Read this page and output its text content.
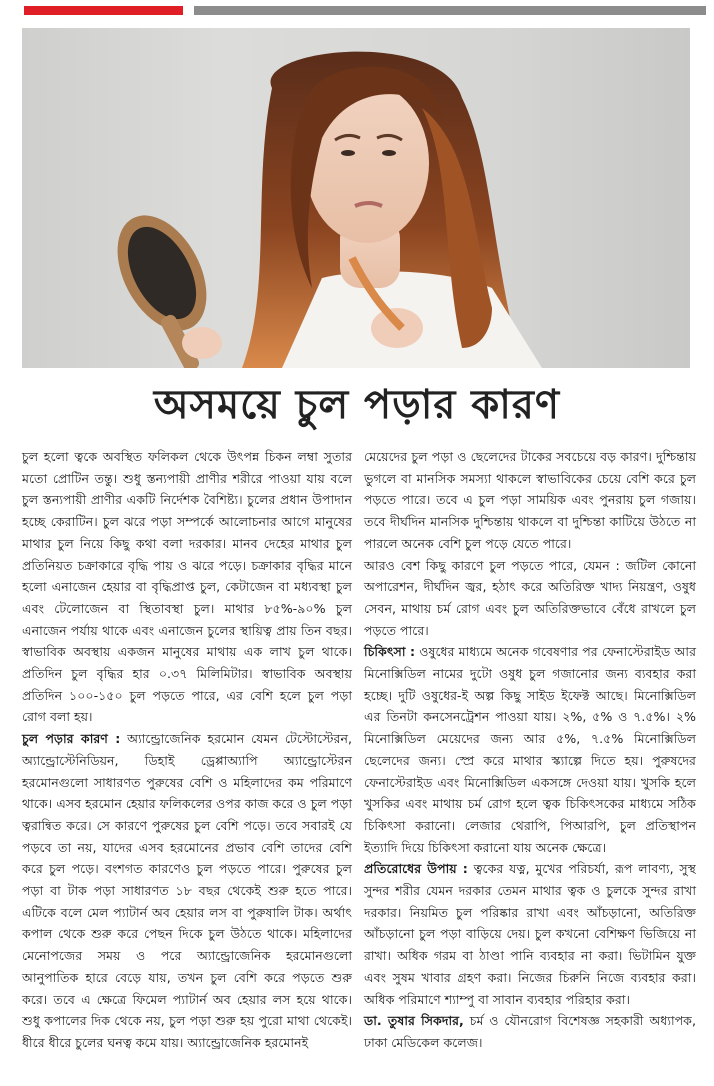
অসময়ে চুল পড়ার কারণ

চুল হলো ত্বকে অবস্থিত ফলিকল থেকে উৎপন্ন চিকন লম্বা সুতার মতো প্রোটিন তন্তু। শুধু স্তন্যপায়ী প্রাণীর শরীরে পাওয়া যায় বলে চুল স্তন্যপায়ী প্রাণীর একটি নির্দেশক বৈশিষ্ট্য। চুলের প্রধান উপাদান হচ্ছে কেরাটিন। চুল ঝরে পড়া সম্পর্কে আলোচনার আগে মানুষের মাথার চুল নিয়ে কিছু কথা বলা দরকার। মানব দেহের মাথার চুল প্রতিনিয়ত চক্রাকারে বৃদ্ধি পায় ও ঝরে পড়ে। চক্রাকার বৃদ্ধির মানে হলো এনাজেন হেয়ার বা বৃদ্ধিপ্রাপ্ত চুল, কেটাজেন বা মধ্যবস্থা চুল এবং টেলোজেন বা স্থিতাবস্থা চুল। মাথার ৮৫%-৯০% চুল এনাজেন পর্যায় থাকে এবং এনাজেন চুলের স্থায়িত্ব প্রায় তিন বছর। স্বাভাবিক অবস্থায় একজন মানুষের মাথায় এক লাখ চুল থাকে। প্রতিদিন চুল বৃদ্ধির হার ০.৩৭ মিলিমিটার। স্বাভাবিক অবস্থায় প্রতিদিন ১০০-১৫০ চুল পড়তে পারে, এর বেশি হলে চুল পড়া রোগ বলা হয়।

চুল পড়ার কারণ : অ্যান্ড্রোজেনিক হরমোন যেমন টেস্টোস্টেরন, অ্যান্ড্রোস্টেনিডিয়ন, ডিহাই ড্রেপ্পাঅ্যাপি অ্যান্ড্রোস্টেরন হরমোনগুলো সাধারণত পুরুষের বেশি ও মহিলাদের কম পরিমাণে থাকে। এসব হরমোন হেয়ার ফলিকলের ওপর কাজ করে ও চুল পড়া ত্বরান্বিত করে। সে কারণে পুরুষের চুল বেশি পড়ে। তবে সবারই যে পড়বে তা নয়, যাদের এসব হরমোনের প্রভাব বেশি তাদের বেশি করে চুল পড়ে। বংশগত কারণেও চুল পড়তে পারে। পুরুষের চুল পড়া বা টাক পড়া সাধারণত ১৮ বছর থেকেই শুরু হতে পারে। এটিকে বলে মেল প্যাটার্ন অব হেয়ার লস বা পুরুষালি টাক। অর্থাৎ কপাল থেকে শুরু করে পেছন দিকে চুল উঠতে থাকে। মহিলাদের মেনোপজের সময় ও পরে অ্যান্ড্রোজেনিক হরমোনগুলো আনুপাতিক হারে বেড়ে যায়, তখন চুল বেশি করে পড়তে শুরু করে। তবে এ ক্ষেত্রে ফিমেল প্যাটার্ন অব হেয়ার লস হয়ে থাকে। শুধু কপালের দিক থেকে নয়, চুল পড়া শুরু হয় পুরো মাথা থেকেই। ধীরে ধীরে চুলের ঘনত্ব কমে যায়। অ্যান্ড্রোজেনিক হরমোনই

মেয়েদের চুল পড়া ও ছেলেদের টাকের সবচেয়ে বড় কারণ। দুশ্চিন্তায় ভুগলে বা মানসিক সমস্যা থাকলে স্বাভাবিকের চেয়ে বেশি করে চুল পড়তে পারে। তবে এ চুল পড়া সাময়িক এবং পুনরায় চুল গজায়। তবে দীর্ঘদিন মানসিক দুশ্চিন্তায় থাকলে বা দুশ্চিন্তা কাটিয়ে উঠতে না পারলে অনেক বেশি চুল পড়ে যেতে পারে।

আরও বেশ কিছু কারণে চুল পড়তে পারে, যেমন : জটিল কোনো অপারেশন, দীর্ঘদিন জ্বর, হঠাৎ করে অতিরিক্ত খাদ্য নিয়ন্ত্রণ, ওষুধ সেবন, মাথায় চর্ম রোগ এবং চুল অতিরিক্তভাবে বেঁধে রাখলে চুল পড়তে পারে।

চিকিৎসা : ওষুধের মাধ্যমে অনেক গবেষণার পর ফেনাস্টেরাইড আর মিনোক্সিডিল নামের দুটো ওষুধ চুল গজানোর জন্য ব্যবহার করা হচ্ছে। দুটি ওষুধের-ই অল্প কিছু সাইড ইফেক্ট আছে। মিনোক্সিডিল এর তিনটা কনসেনট্রেশন পাওয়া যায়। ২%, ৫% ও ৭.৫%। ২% মিনোক্সিডিল মেয়েদের জন্য আর ৫%, ৭.৫% মিনোক্সিডিল ছেলেদের জন্য। স্প্রে করে মাথার স্ক্যাল্পে দিতে হয়। পুরুষদের ফেনাস্টেরাইড এবং মিনোক্সিডিল একসঙ্গে দেওয়া যায়। খুসকি হলে খুসকির এবং মাথায় চর্ম রোগ হলে ত্বক চিকিৎসকের মাধ্যমে সঠিক চিকিৎসা করানো। লেজার থেরাপি, পিআরপি, চুল প্রতিস্থাপন ইত্যাদি দিয়ে চিকিৎসা করানো যায় অনেক ক্ষেত্রে।

প্রতিরোধের উপায় : ত্বকের যত্ন, মুখের পরিচর্যা, রূপ লাবণ্য, সুস্থ সুন্দর শরীর যেমন দরকার তেমন মাথার ত্বক ও চুলকে সুন্দর রাখা দরকার। নিয়মিত চুল পরিষ্কার রাখা এবং আঁচড়ানো, অতিরিক্ত আঁচড়ানো চুল পড়া বাড়িয়ে দেয়। চুল কখনো বেশিক্ষণ ভিজিয়ে না রাখা। অধিক গরম বা ঠাণ্ডা পানি ব্যবহার না করা। ভিটামিন যুক্ত এবং সুষম খাবার গ্রহণ করা। নিজের চিরুনি নিজে ব্যবহার করা। অধিক পরিমাণে শ্যাম্পু বা সাবান ব্যবহার পরিহার করা।

ডা. তুষার সিকদার, চর্ম ও যৌনরোগ বিশেষজ্ঞ সহকারী অধ্যাপক, ঢাকা মেডিকেল কলেজ।
